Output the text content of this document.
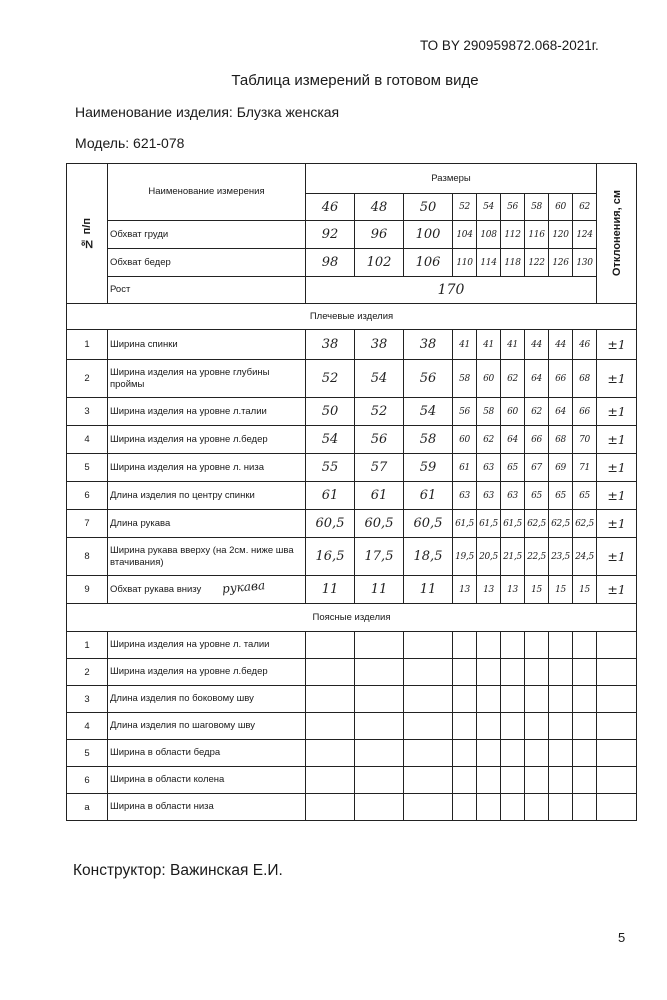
ТО BY 290959872.068-2021г.
Таблица измерений в готовом виде
Наименование изделия: Блузка женская
Модель: 621-078
№ п/п	Наименование измерения	Размеры									Отклонения, см

		46	48	50	52	54	56	58	60	62	
	Обхват груди	92	96	100	104	108	112	116	120	124	
	Обхват бедер	98	102	106	110	114	118	122	126	130	
	Рост	170									
Плечевые изделия											
1	Ширина спинки	38	38	38	41	41	41	44	44	46	±1
2	Ширина изделия на уровне глубины проймы	52	54	56	58	60	62	64	66	68	±1
3	Ширина изделия на уровне л.талии	50	52	54	56	58	60	62	64	66	±1
4	Ширина изделия на уровне л.бедер	54	56	58	60	62	64	66	68	70	±1
5	Ширина изделия на уровне л. низа	55	57	59	61	63	65	67	69	71	±1
6	Длина изделия по центру спинки	61	61	61	63	63	63	65	65	65	±1
7	Длина рукава	60,5	60,5	60,5	61,5	61,5	61,5	62,5	62,5	62,5	±1
8	Ширина рукава вверху (на 2см. ниже шва втачивания)	16,5	17,5	18,5	19,5	20,5	21,5	22,5	23,5	24,5	±1
9	Обхват рукава внизу	11	11	11	13	13	13	15	15	15	±1
Поясные изделия											
1	Ширина изделия на уровне л. талии										
2	Ширина изделия на уровне л.бедер										
3	Длина изделия по боковому шву										
4	Длина изделия по шаговому шву										
5	Ширина в области бедра										
6	Ширина в области колена										
а	Ширина в области низа										
рукава
Конструктор: Важинская Е.И.
5
